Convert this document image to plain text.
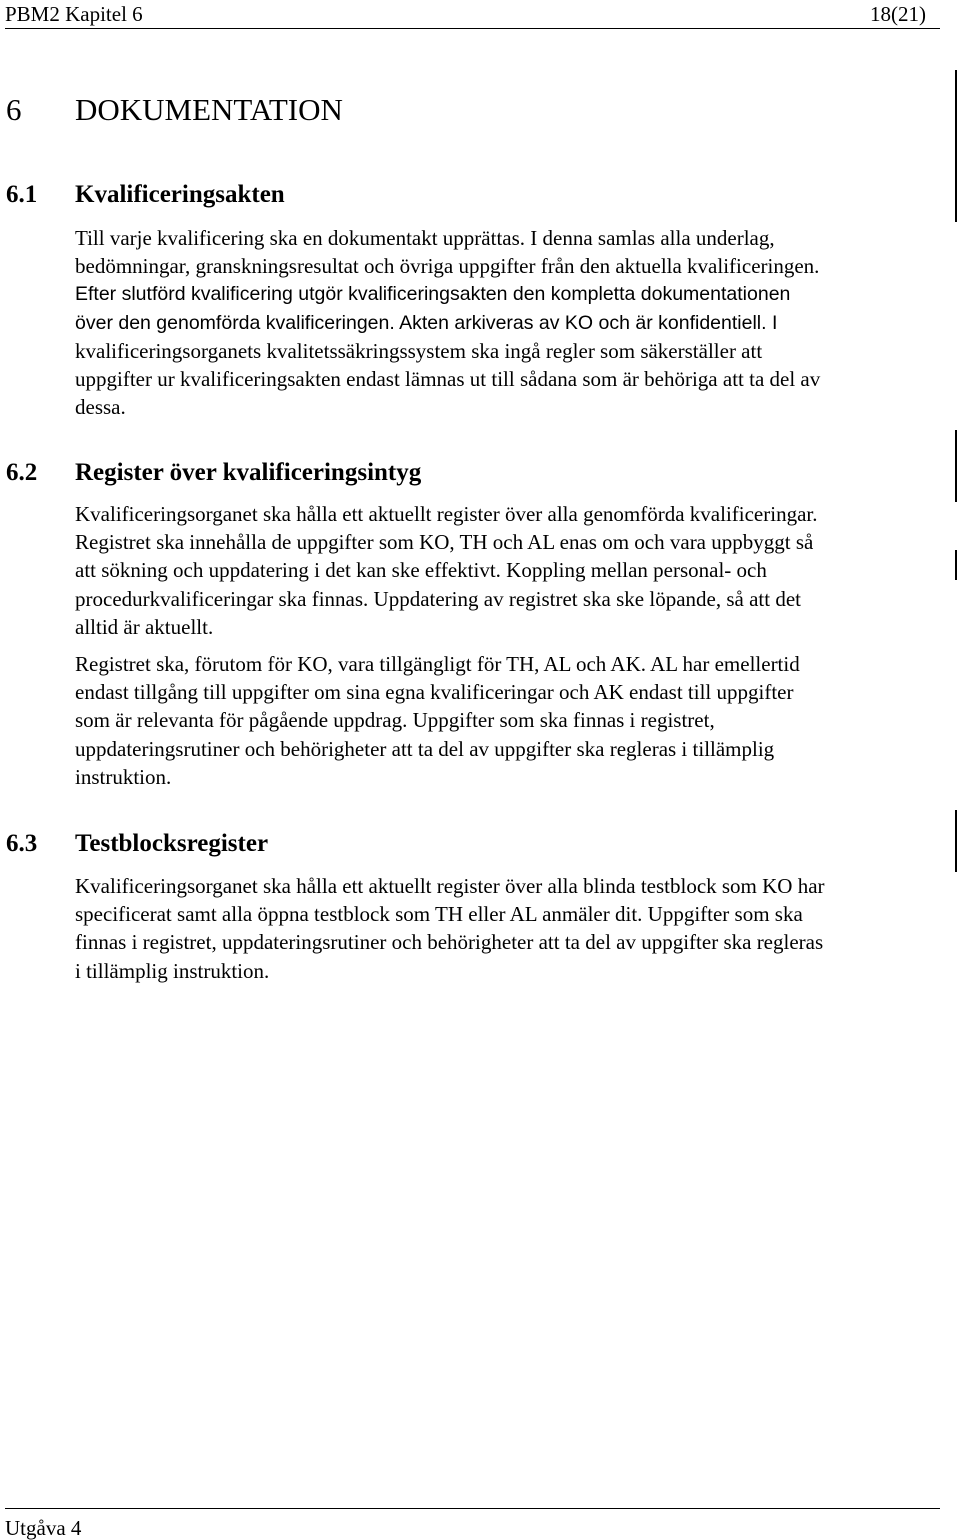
PBM2 Kapitel 6	18(21)
6 DOKUMENTATION
6.1 Kvalificeringsakten

Till varje kvalificering ska en dokumentakt upprättas. I denna samlas alla underlag,
bedömningar, granskningsresultat och övriga uppgifter från den aktuella kvalificeringen.
Efter slutförd kvalificering utgör kvalificeringsakten den kompletta dokumentationen
över den genomförda kvalificeringen. Akten arkiveras av KO och är konfidentiell. I
kvalificeringsorganets kvalitetssäkringssystem ska ingå regler som säkerställer att
uppgifter ur kvalificeringsakten endast lämnas ut till sådana som är behöriga att ta del av
dessa.

6.2 Register över kvalificeringsintyg

Kvalificeringsorganet ska hålla ett aktuellt register över alla genomförda kvalificeringar.
Registret ska innehålla de uppgifter som KO, TH och AL enas om och vara uppbyggt så
att sökning och uppdatering i det kan ske effektivt. Koppling mellan personal- och
procedurkvalificeringar ska finnas. Uppdatering av registret ska ske löpande, så att det
alltid är aktuellt.

Registret ska, förutom för KO, vara tillgängligt för TH, AL och AK. AL har emellertid
endast tillgång till uppgifter om sina egna kvalificeringar och AK endast till uppgifter
som är relevanta för pågående uppdrag. Uppgifter som ska finnas i registret,
uppdateringsrutiner och behörigheter att ta del av uppgifter ska regleras i tillämplig
instruktion.

6.3 Testblocksregister

Kvalificeringsorganet ska hålla ett aktuellt register över alla blinda testblock som KO har
specificerat samt alla öppna testblock som TH eller AL anmäler dit. Uppgifter som ska
finnas i registret, uppdateringsrutiner och behörigheter att ta del av uppgifter ska regleras
i tillämplig instruktion.

Utgåva 4
